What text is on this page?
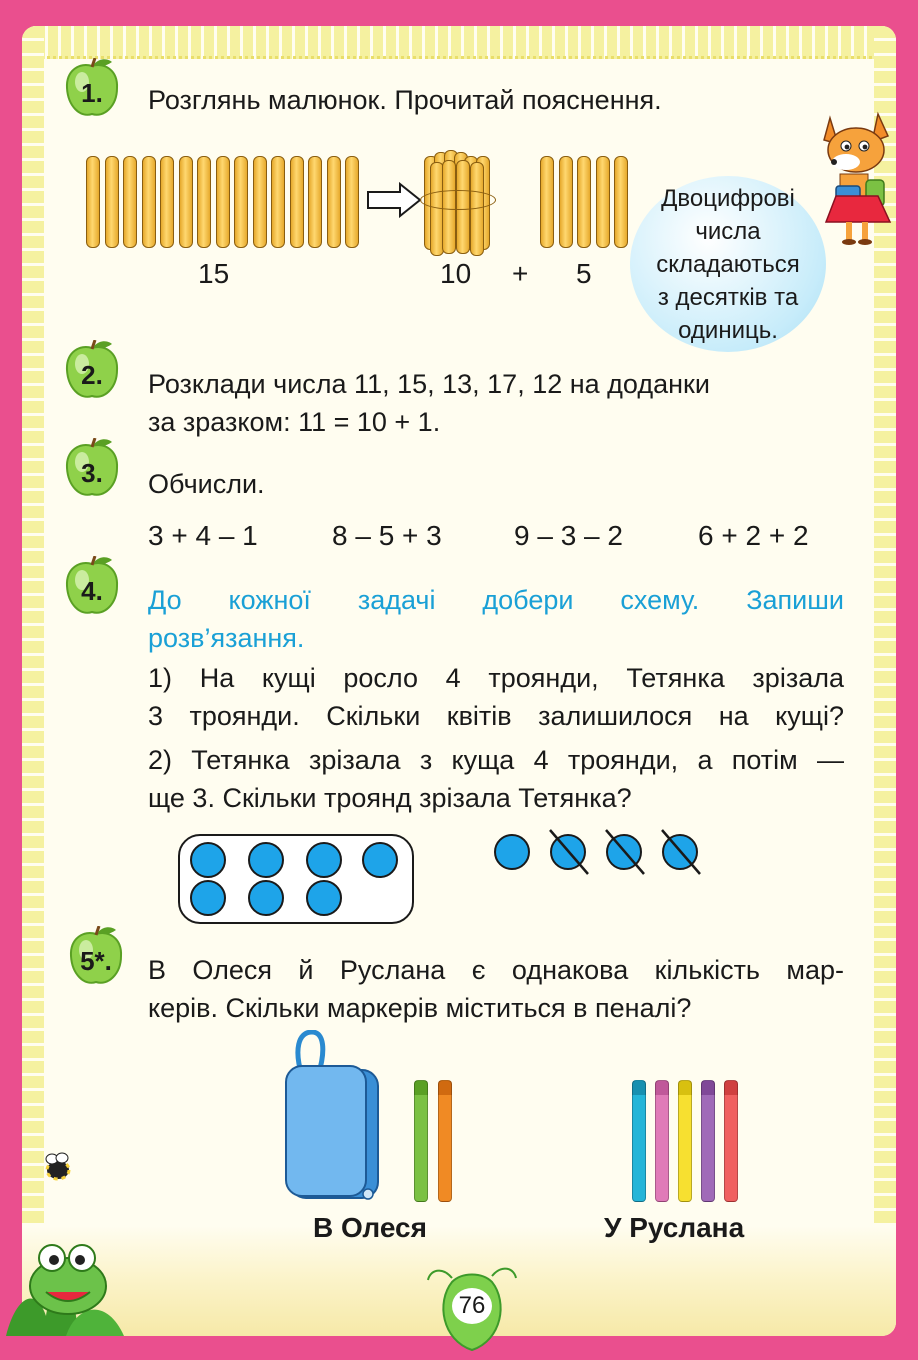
1.	Розглянь малюнок. Прочитай пояснення.
15	10 + 5
Двоцифрові
числа
складаються
з десятків та
одиниць.
2.	Розклади числа 11, 15, 13, 17, 12 на доданки
за зразком: 11 = 10 + 1.
3.	Обчисли.
3 + 4 – 1	8 – 5 + 3	9 – 3 – 2	6 + 2 + 2
4.	До кожної задачі добери схему. Запиши
розв’язання.
1) На кущі росло 4 троянди, Тетянка зрізала
3 троянди. Скільки квітів залишилося на кущі?
2) Тетянка зрізала з куща 4 троянди, а потім —
ще 3. Скільки троянд зрізала Тетянка?
5*.	В Олеся й Руслана є однакова кількість мар-
керів. Скільки маркерів міститься в пеналі?
В Олеся	У Руслана
76
